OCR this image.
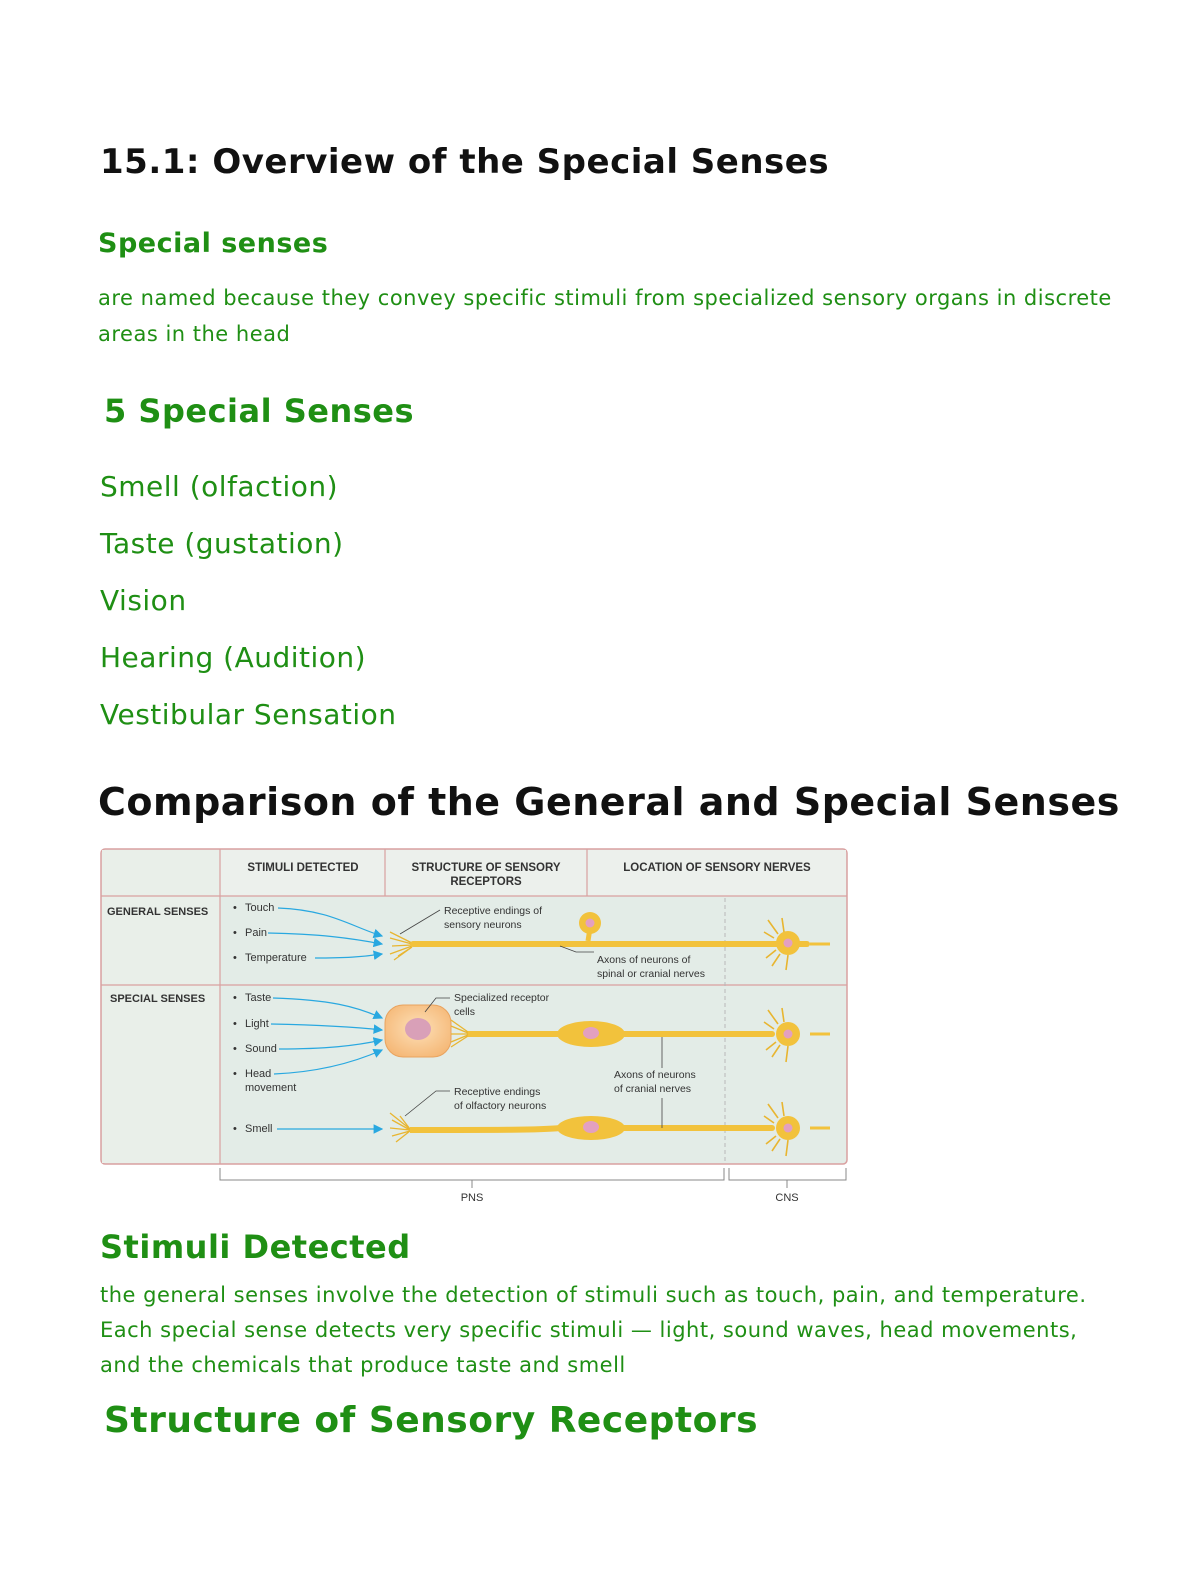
15.1: Overview of the Special Senses
Special senses

are named because they convey specific stimuli from specialized sensory organs in discrete areas in the head

5 Special Senses
Smell (olfaction)
Taste (gustation)
Vision
Hearing (Audition)
Vestibular Sensation
Comparison of the General and Special Senses
STIMULI DETECTED	STRUCTURE OF SENSORY
RECEPTORS
LOCATION OF SENSORY NERVES
GENERAL SENSES
SPECIAL SENSES
• Touch
• Pain
• Temperature
Receptive endings of
sensory neurons
Axons of neurons of
spinal or cranial nerves
• Taste
• Light
• Sound
• Head
movement
• Smell
Specialized receptor
cells
Axons of neurons
of cranial nerves
Receptive endings
of olfactory neurons
PNS	CNS
Stimuli Detected

the general senses involve the detection of stimuli such as touch, pain, and temperature. Each special sense detects very specific stimuli — light, sound waves, head movements, and the chemicals that produce taste and smell

Structure of Sensory Receptors
